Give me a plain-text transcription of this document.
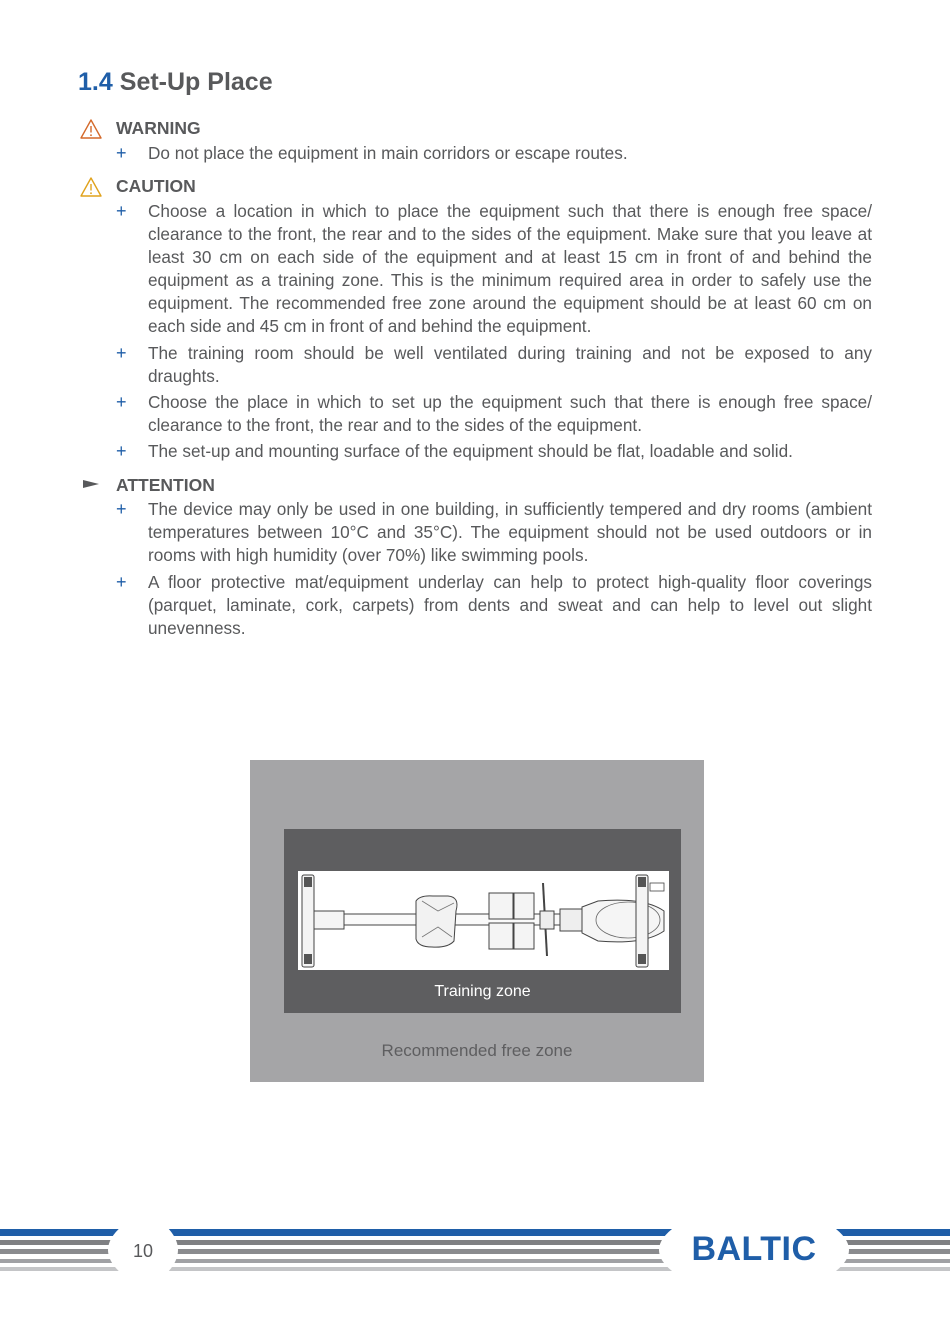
1.4 Set-Up Place
WARNING
+ Do not place the equipment in main corridors or escape routes.
CAUTION
+ Choose a location in which to place the equipment such that there is enough free space/ clearance to the front, the rear and to the sides of the equipment. Make sure that you leave at least 30 cm on each side of the equipment and at least 15 cm in front of and behind the equipment as a training zone. This is the minimum required area in order to safely use the equipment. The recommended free zone around the equipment should be at least 60 cm on each side and 45 cm in front of and behind the equipment.
+ The training room should be well ventilated during training and not be exposed to any draughts.
+ Choose the place in which to set up the equipment such that there is enough free space/ clearance to the front, the rear and to the sides of the equipment.
+ The set-up and mounting surface of the equipment should be flat, loadable and solid.
ATTENTION
+ The device may only be used in one building, in sufficiently tempered and dry rooms (ambient temperatures between 10°C and 35°C). The equipment should not be used outdoors or in rooms with high humidity (over 70%) like swimming pools.
+ A floor protective mat/equipment underlay can help to protect high-quality floor coverings (parquet, laminate, cork, carpets) from dents and sweat and can help to level out slight unevenness.
Training zone
Recommended free zone
10	BALTIC
